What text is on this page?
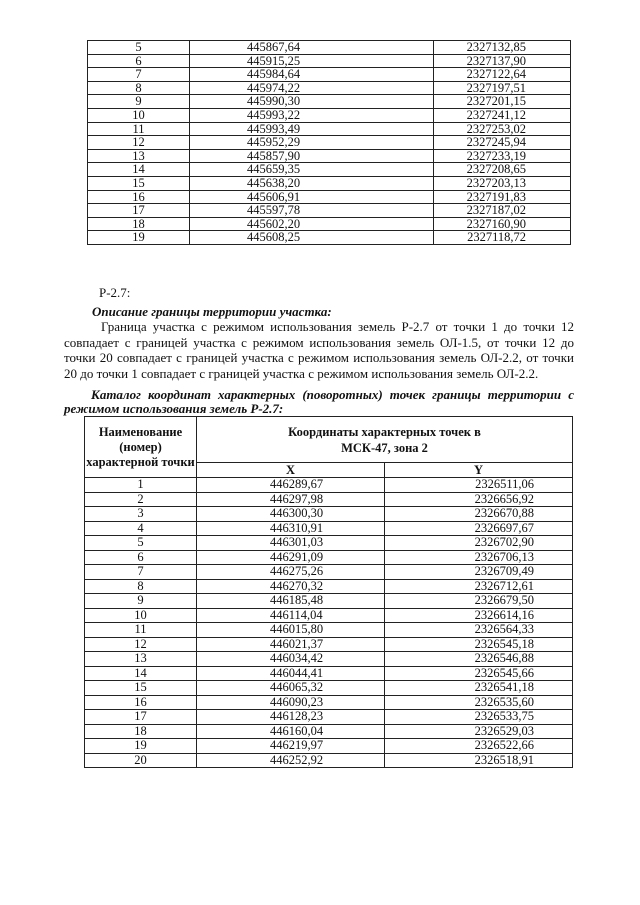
5	445867,64	2327132,85
6	445915,25	2327137,90
7	445984,64	2327122,64
8	445974,22	2327197,51
9	445990,30	2327201,15
10	445993,22	2327241,12
11	445993,49	2327253,02
12	445952,29	2327245,94
13	445857,90	2327233,19
14	445659,35	2327208,65
15	445638,20	2327203,13
16	445606,91	2327191,83
17	445597,78	2327187,02
18	445602,20	2327160,90
19	445608,25	2327118,72
Р-2.7:
Описание границы территории участка:
Граница участка с режимом использования земель Р-2.7 от точки 1 до точки 12 совпадает с границей участка с режимом использования земель ОЛ-1.5, от точки 12 до точки 20 совпадает с границей участка с режимом использования земель ОЛ-2.2, от точки 20 до точки 1 совпадает с границей участка с режимом использования земель ОЛ-2.2.
Каталог координат характерных (поворотных) точек границы территории с режимом использования земель Р-2.7:
Наименование (номер) характерной точки	Координаты характерных точек в
МСК-47, зона 2	
	X	Y
1	446289,67	2326511,06
2	446297,98	2326656,92
3	446300,30	2326670,88
4	446310,91	2326697,67
5	446301,03	2326702,90
6	446291,09	2326706,13
7	446275,26	2326709,49
8	446270,32	2326712,61
9	446185,48	2326679,50
10	446114,04	2326614,16
11	446015,80	2326564,33
12	446021,37	2326545,18
13	446034,42	2326546,88
14	446044,41	2326545,66
15	446065,32	2326541,18
16	446090,23	2326535,60
17	446128,23	2326533,75
18	446160,04	2326529,03
19	446219,97	2326522,66
20	446252,92	2326518,91
